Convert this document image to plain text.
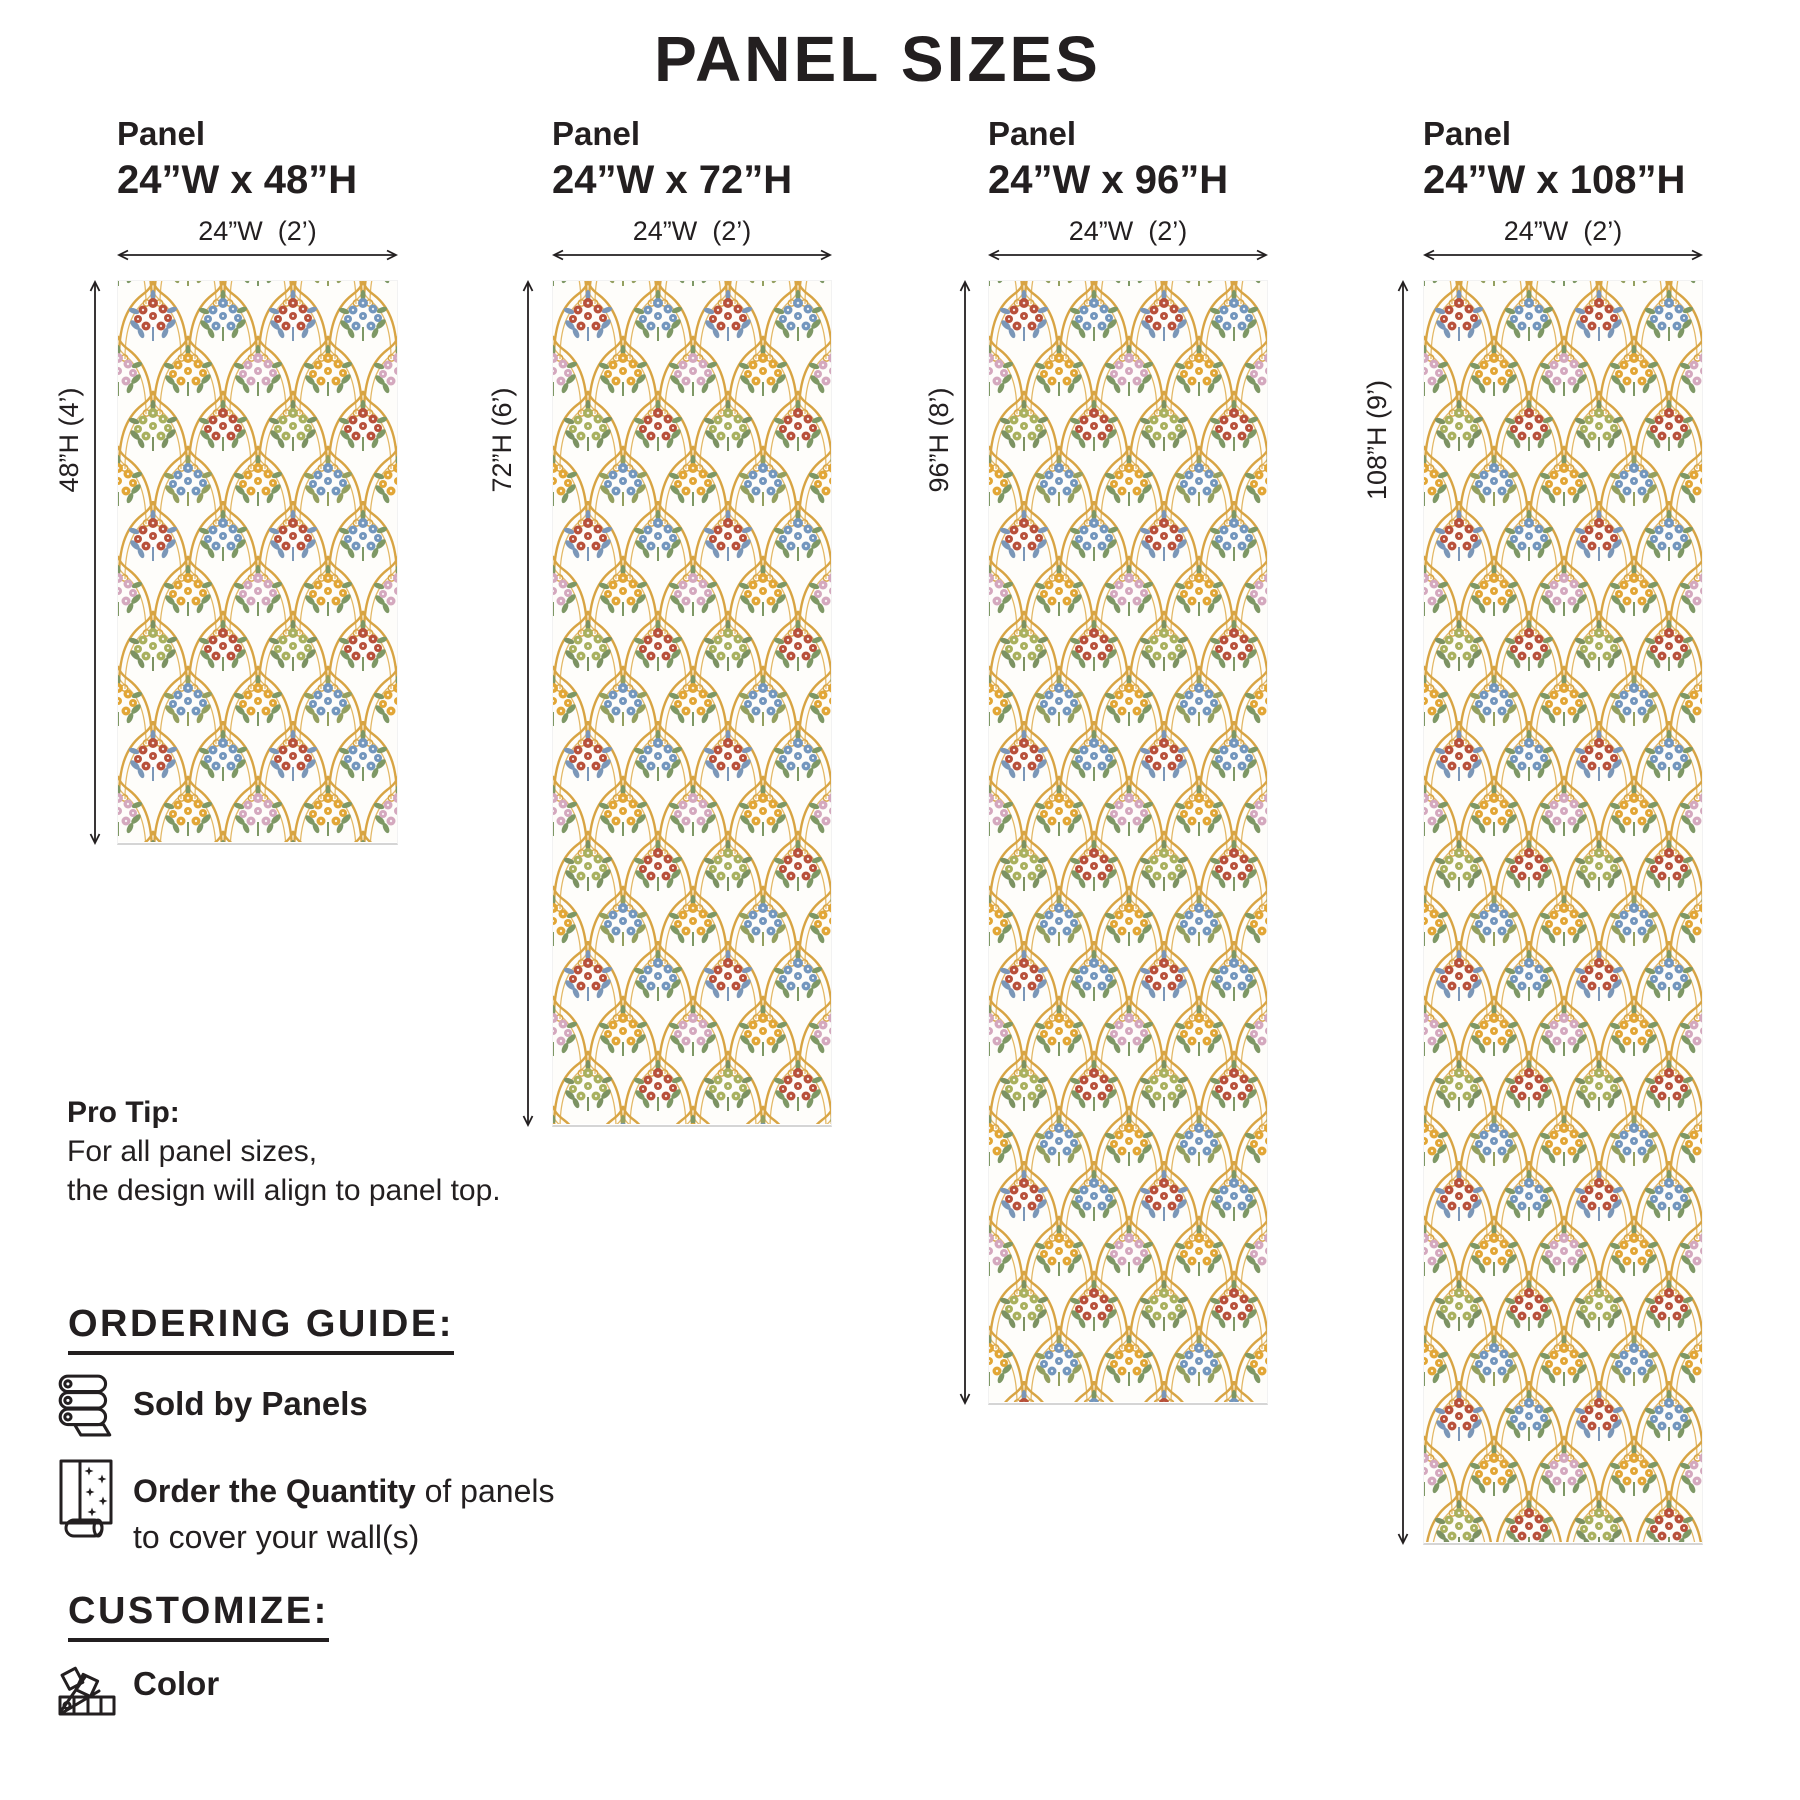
PANEL SIZES
Panel
24”W x 48”H
24”W  (2’)
48”H (4’)
Panel
24”W x 72”H
24”W  (2’)
72”H (6’)
Panel
24”W x 96”H
24”W  (2’)
96”H (8’)
Panel
24”W x 108”H
24”W  (2’)
108”H (9’)
Pro Tip:
For all panel sizes,
the design will align to panel top.
ORDERING GUIDE:
Sold by Panels
Order the Quantity of panels
to cover your wall(s)
CUSTOMIZE:
Color
